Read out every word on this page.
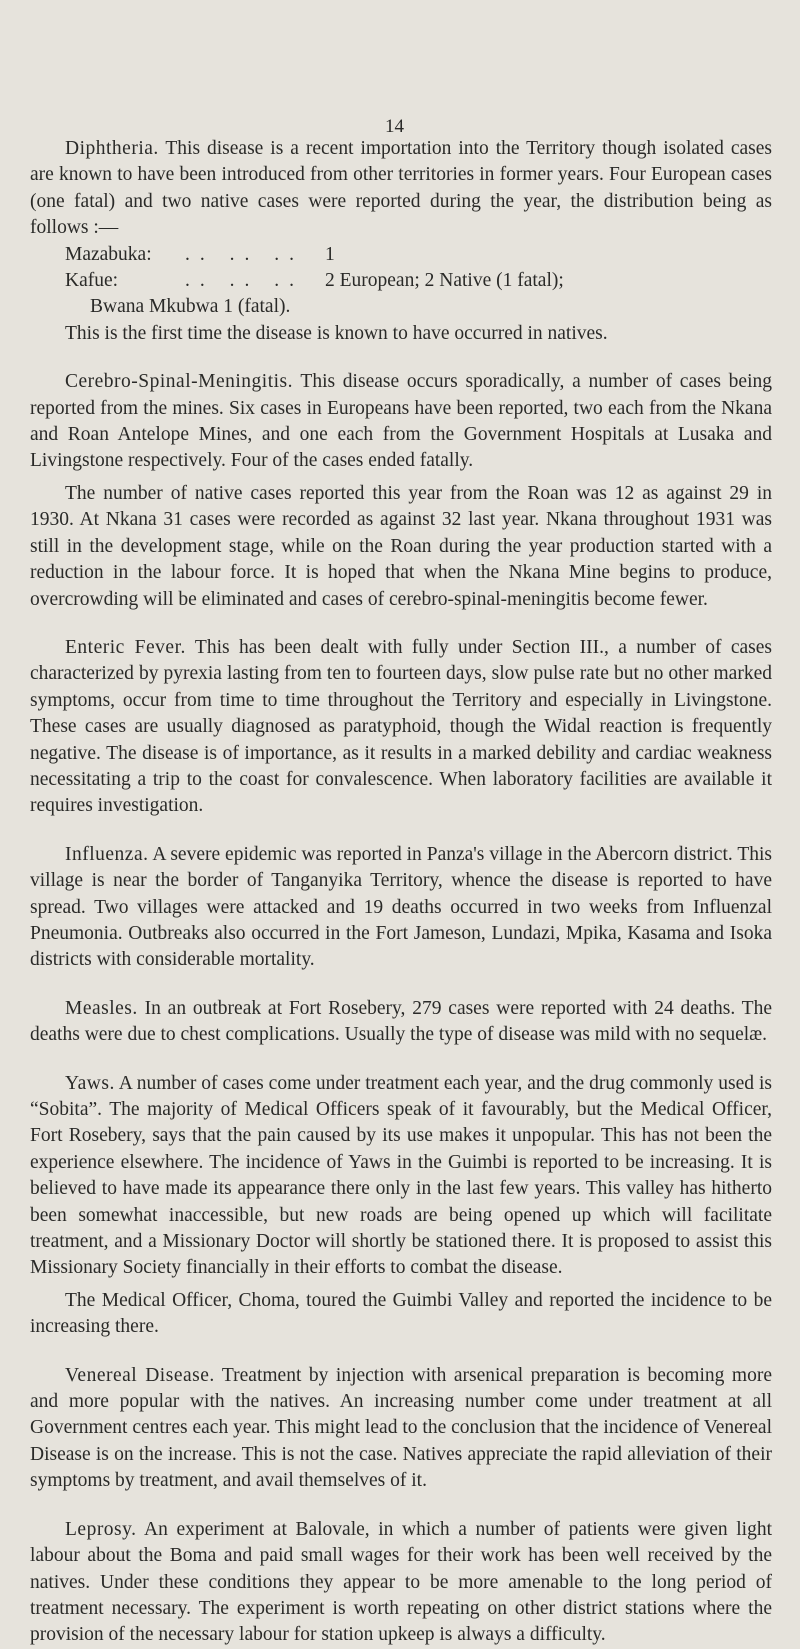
14

Diphtheria. This disease is a recent importation into the Territory though isolated cases are known to have been introduced from other territories in former years. Four European cases (one fatal) and two native cases were reported during the year, the distribution being as follows :—

Mazabuka: .. .. .. 1
Kafue:	.. .. .. 2 European; 2 Native (1 fatal);
Bwana Mkubwa 1 (fatal).

This is the first time the disease is known to have occurred in natives.

Cerebro-Spinal-Meningitis. This disease occurs sporadically, a number of cases being reported from the mines. Six cases in Europeans have been reported, two each from the Nkana and Roan Antelope Mines, and one each from the Government Hospitals at Lusaka and Livingstone respectively. Four of the cases ended fatally.

The number of native cases reported this year from the Roan was 12 as against 29 in 1930. At Nkana 31 cases were recorded as against 32 last year. Nkana throughout 1931 was still in the development stage, while on the Roan during the year production started with a reduction in the labour force. It is hoped that when the Nkana Mine begins to produce, overcrowding will be eliminated and cases of cerebro-spinal-meningitis become fewer.

Enteric Fever. This has been dealt with fully under Section III., a number of cases characterized by pyrexia lasting from ten to fourteen days, slow pulse rate but no other marked symptoms, occur from time to time throughout the Territory and especially in Livingstone. These cases are usually diagnosed as paratyphoid, though the Widal reaction is frequently negative. The disease is of importance, as it results in a marked debility and cardiac weakness necessitating a trip to the coast for convalescence. When laboratory facilities are available it requires investigation.

Influenza. A severe epidemic was reported in Panza's village in the Abercorn district. This village is near the border of Tanganyika Territory, whence the disease is reported to have spread. Two villages were attacked and 19 deaths occurred in two weeks from Influenzal Pneumonia. Outbreaks also occurred in the Fort Jameson, Lundazi, Mpika, Kasama and Isoka districts with considerable mortality.

Measles. In an outbreak at Fort Rosebery, 279 cases were reported with 24 deaths. The deaths were due to chest complications. Usually the type of disease was mild with no sequelæ.

Yaws. A number of cases come under treatment each year, and the drug commonly used is “Sobita”. The majority of Medical Officers speak of it favourably, but the Medical Officer, Fort Rosebery, says that the pain caused by its use makes it unpopular. This has not been the experience elsewhere. The incidence of Yaws in the Guimbi is reported to be increasing. It is believed to have made its appearance there only in the last few years. This valley has hitherto been somewhat inaccessible, but new roads are being opened up which will facilitate treatment, and a Missionary Doctor will shortly be stationed there. It is proposed to assist this Missionary Society financially in their efforts to combat the disease.

The Medical Officer, Choma, toured the Guimbi Valley and reported the incidence to be increasing there.

Venereal Disease. Treatment by injection with arsenical preparation is becoming more and more popular with the natives. An increasing number come under treatment at all Government centres each year. This might lead to the conclusion that the incidence of Venereal Disease is on the increase. This is not the case. Natives appreciate the rapid alleviation of their symptoms by treatment, and avail themselves of it.

Leprosy. An experiment at Balovale, in which a number of patients were given light labour about the Boma and paid small wages for their work has been well received by the natives. Under these conditions they appear to be more amenable to the long period of treatment necessary. The experiment is worth repeating on other district stations where the provision of the necessary labour for station upkeep is always a difficulty.
